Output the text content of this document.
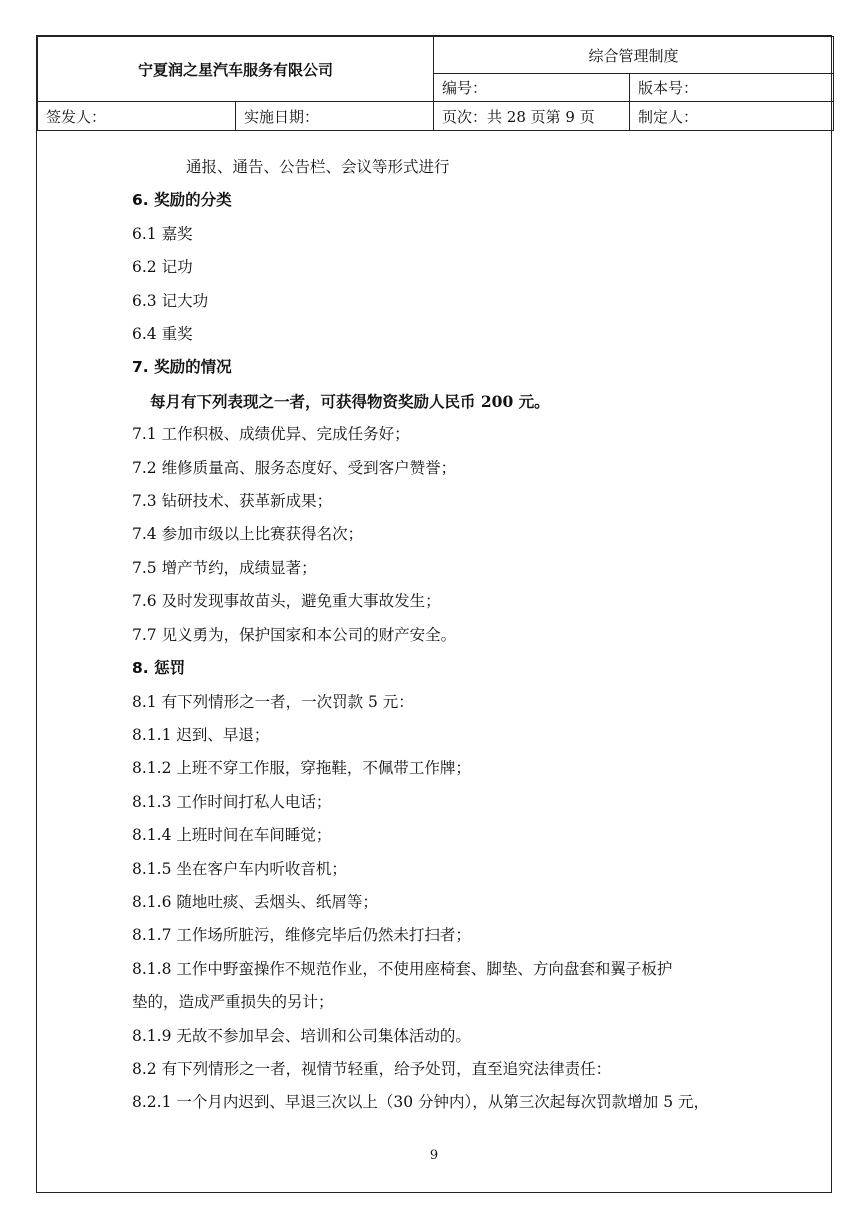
宁夏润之星汽车服务有限公司		综合管理制度	
		编号：	版本号：
签发人：	实施日期：	页次：共 28 页第 9 页	制定人：
通报、通告、公告栏、会议等形式进行
6. 奖励的分类
6.1 嘉奖
6.2 记功
6.3 记大功
6.4 重奖
7. 奖励的情况
每月有下列表现之一者，可获得物资奖励人民币 200 元。
7.1 工作积极、成绩优异、完成任务好；
7.2 维修质量高、服务态度好、受到客户赞誉；
7.3 钻研技术、获革新成果；
7.4 参加市级以上比赛获得名次；
7.5 增产节约，成绩显著；
7.6 及时发现事故苗头，避免重大事故发生；
7.7 见义勇为，保护国家和本公司的财产安全。
8. 惩罚
8.1 有下列情形之一者，一次罚款 5 元：
8.1.1 迟到、早退；
8.1.2 上班不穿工作服，穿拖鞋，不佩带工作牌；
8.1.3 工作时间打私人电话；
8.1.4 上班时间在车间睡觉；
8.1.5 坐在客户车内听收音机；
8.1.6 随地吐痰、丢烟头、纸屑等；
8.1.7 工作场所脏污，维修完毕后仍然未打扫者；
8.1.8 工作中野蛮操作不规范作业，不使用座椅套、脚垫、方向盘套和翼子板护
垫的，造成严重损失的另计；
8.1.9 无故不参加早会、培训和公司集体活动的。
8.2 有下列情形之一者，视情节轻重，给予处罚，直至追究法律责任：
8.2.1 一个月内迟到、早退三次以上（30 分钟内），从第三次起每次罚款增加 5 元，
9
